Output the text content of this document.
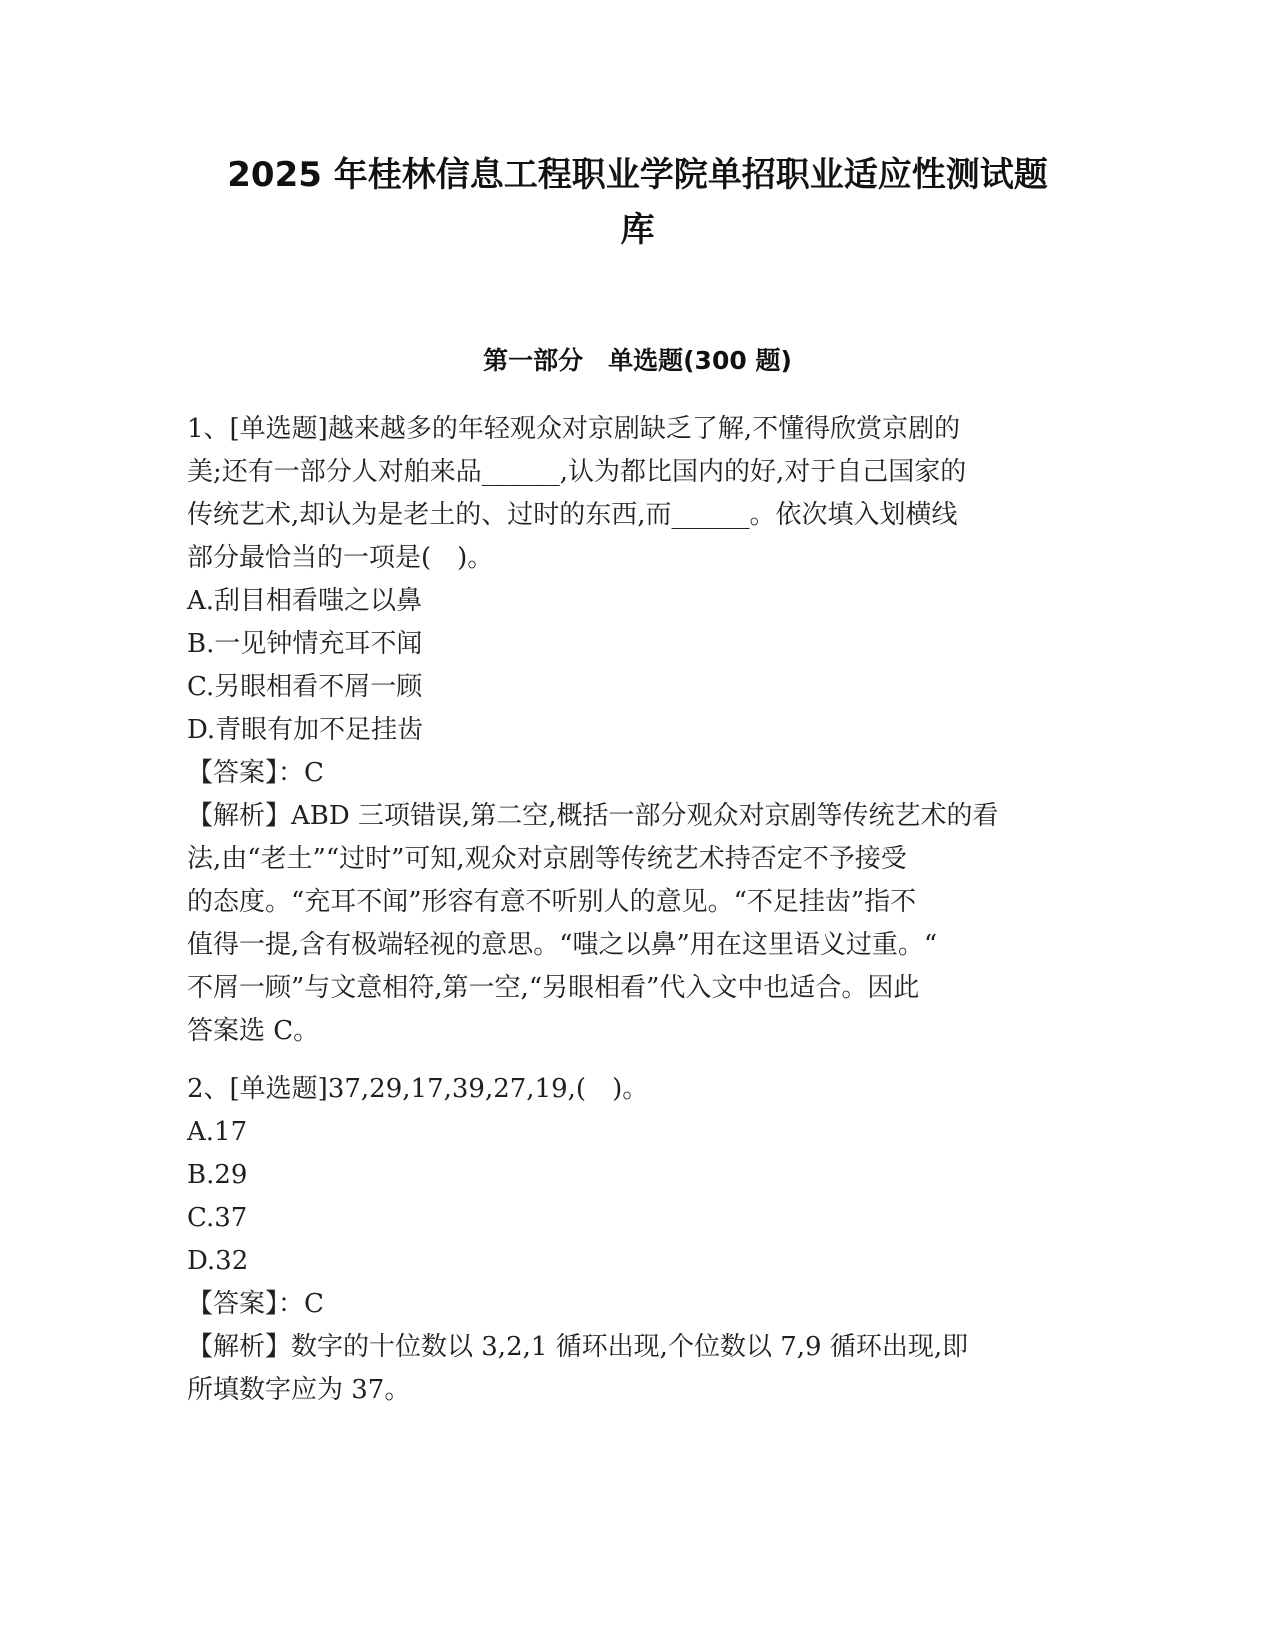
2025 年桂林信息工程职业学院单招职业适应性测试题
库
第一部分　单选题(300 题)
1、[单选题]越来越多的年轻观众对京剧缺乏了解,不懂得欣赏京剧的
美;还有一部分人对舶来品______,认为都比国内的好,对于自己国家的
传统艺术,却认为是老土的、过时的东西,而______。依次填入划横线
部分最恰当的一项是(　)。
A.刮目相看嗤之以鼻
B.一见钟情充耳不闻
C.另眼相看不屑一顾
D.青眼有加不足挂齿
【答案】：C
【解析】ABD 三项错误,第二空,概括一部分观众对京剧等传统艺术的看
法,由“老土”“过时”可知,观众对京剧等传统艺术持否定不予接受
的态度。“充耳不闻”形容有意不听别人的意见。“不足挂齿”指不
值得一提,含有极端轻视的意思。“嗤之以鼻”用在这里语义过重。“
不屑一顾”与文意相符,第一空,“另眼相看”代入文中也适合。因此
答案选 C。
2、[单选题]37,29,17,39,27,19,(　)。
A.17
B.29
C.37
D.32
【答案】：C
【解析】数字的十位数以 3,2,1 循环出现,个位数以 7,9 循环出现,即
所填数字应为 37。
